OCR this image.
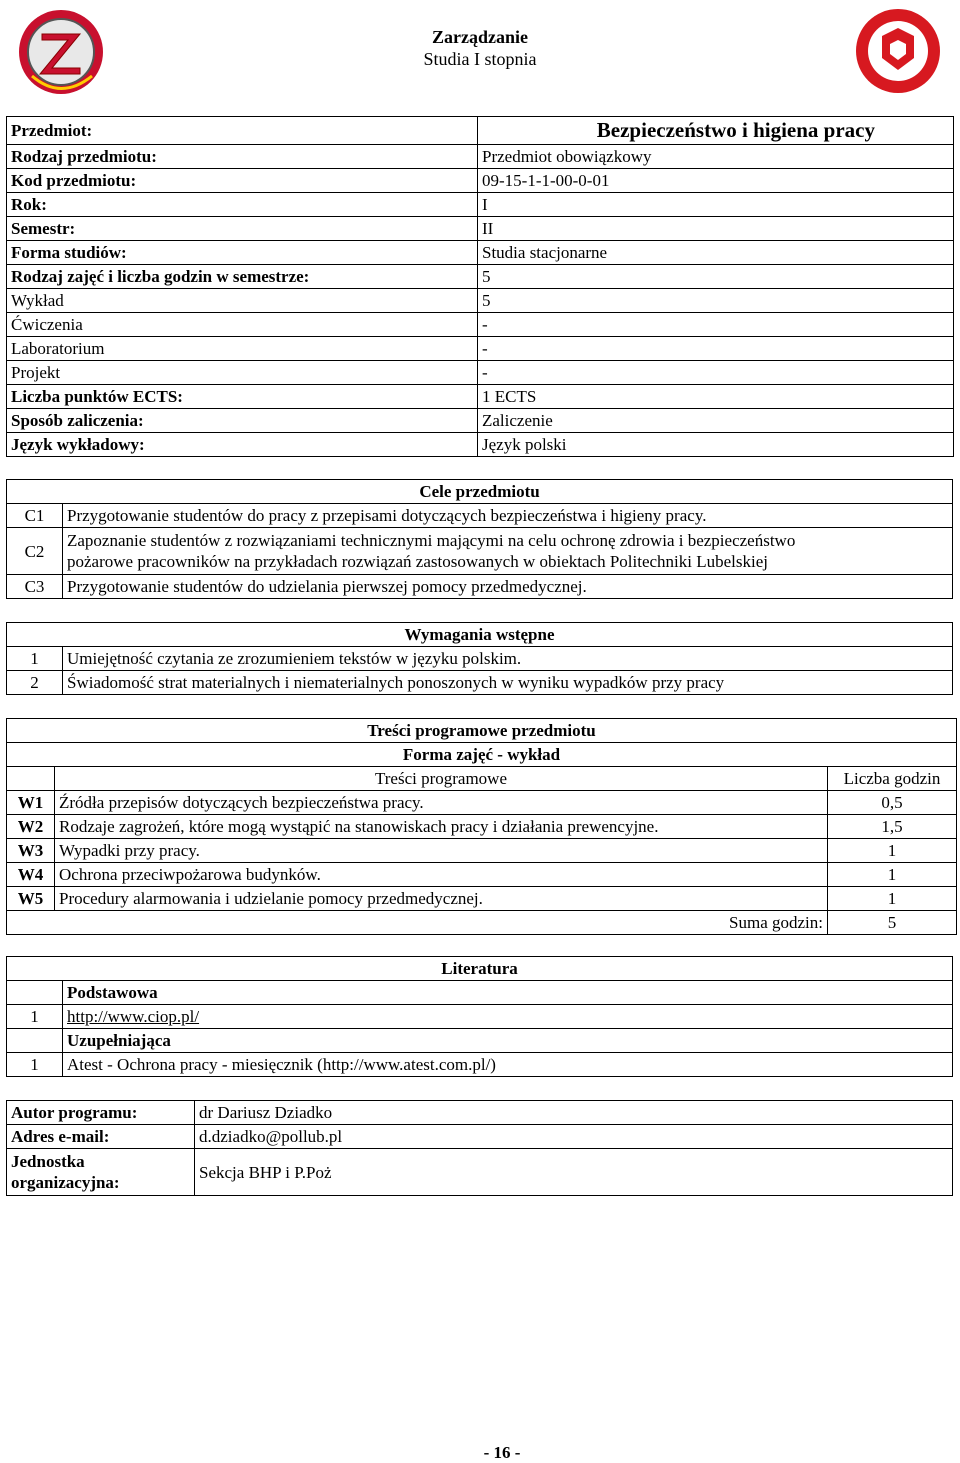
Zarządzanie
Studia I stopnia
Przedmiot:	Bezpieczeństwo i higiena pracy
Rodzaj przedmiotu:	Przedmiot obowiązkowy
Kod przedmiotu:	09-15-1-1-00-0-01
Rok:	I
Semestr:	II
Forma studiów:	Studia stacjonarne
Rodzaj zajęć i liczba godzin w semestrze:	5
Wykład	5
Ćwiczenia	-
Laboratorium	-
Projekt	-
Liczba punktów ECTS:	1 ECTS
Sposób zaliczenia:	Zaliczenie
Język wykładowy:	Język polski
Cele przedmiotu	
C1	Przygotowanie studentów do pracy z przepisami dotyczących bezpieczeństwa i higieny pracy.
C2	Zapoznanie studentów z rozwiązaniami technicznymi mającymi na celu ochronę zdrowia i bezpieczeństwo
pożarowe pracowników na przykładach rozwiązań zastosowanych w obiektach Politechniki Lubelskiej

C3	Przygotowanie studentów do udzielania pierwszej pomocy przedmedycznej.
Wymagania wstępne	
1	Umiejętność czytania ze zrozumieniem tekstów w języku polskim.
2	Świadomość strat materialnych i niematerialnych ponoszonych w wyniku wypadków przy pracy
Treści programowe przedmiotu		
Forma zajęć - wykład		
	Treści programowe	Liczba godzin
W1	Źródła przepisów dotyczących bezpieczeństwa pracy.	0,5
W2	Rodzaje zagrożeń, które mogą wystąpić na stanowiskach pracy i działania prewencyjne.	1,5
W3	Wypadki przy pracy.	1
W4	Ochrona przeciwpożarowa budynków.	1
W5	Procedury alarmowania i udzielanie pomocy przedmedycznej.	1
	Suma godzin:	5
Literatura	
	Podstawowa
1	http://www.ciop.pl/
	Uzupełniająca
1	Atest - Ochrona pracy - miesięcznik (http://www.atest.com.pl/)
Autor programu:	dr Dariusz Dziadko
Adres e-mail:	d.dziadko@pollub.pl

Jednostka
organizacyjna:	Sekcja BHP i P.Poż
- 16 -
